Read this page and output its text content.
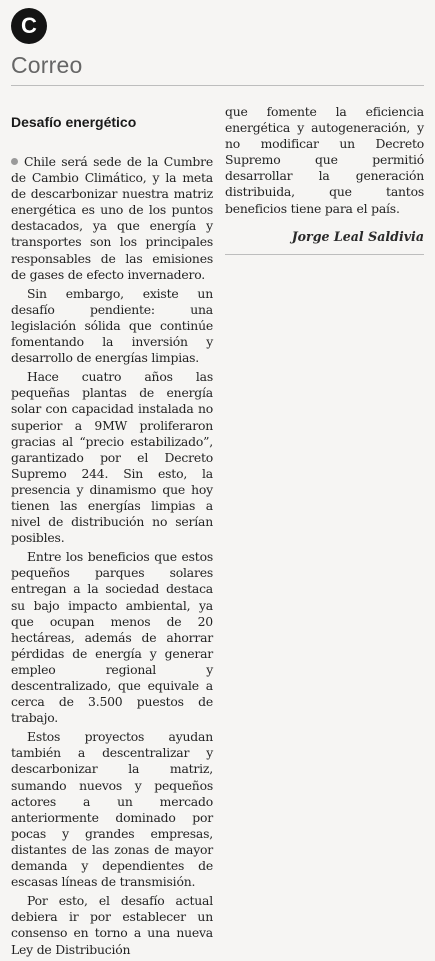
C
Correo
Desafío energético

Chile será sede de la Cumbre de Cambio Climático, y la meta de descarbonizar nuestra matriz energética es uno de los puntos destacados, ya que energía y transportes son los principales responsables de las emisiones de gases de efecto invernadero.

Sin embargo, existe un desafío pendiente: una legislación sólida que continúe fomentando la inversión y desarrollo de energías limpias.

Hace cuatro años las pequeñas plantas de energía solar con capacidad instalada no superior a 9MW proliferaron gracias al “precio estabilizado”, garantizado por el Decreto Supremo 244. Sin esto, la presencia y dinamismo que hoy tienen las energías limpias a nivel de distribución no serían posibles.

Entre los beneficios que estos pequeños parques solares entregan a la sociedad destaca su bajo impacto ambiental, ya que ocupan menos de 20 hectáreas, además de ahorrar pérdidas de energía y generar empleo regional y descentralizado, que equivale a cerca de 3.500 puestos de trabajo.

Estos proyectos ayudan también a descentralizar y descarbonizar la matriz, sumando nuevos y pequeños actores a un mercado anteriormente dominado por pocas y grandes empresas, distantes de las zonas de mayor demanda y dependientes de escasas líneas de transmisión.

Por esto, el desafío actual debiera ir por establecer un consenso en torno a una nueva Ley de Distribución

que fomente la eficiencia energética y autogeneración, y no modificar un Decreto Supremo que permitió desarrollar la generación distribuida, que tantos beneficios tiene para el país.

Jorge Leal Saldivia
